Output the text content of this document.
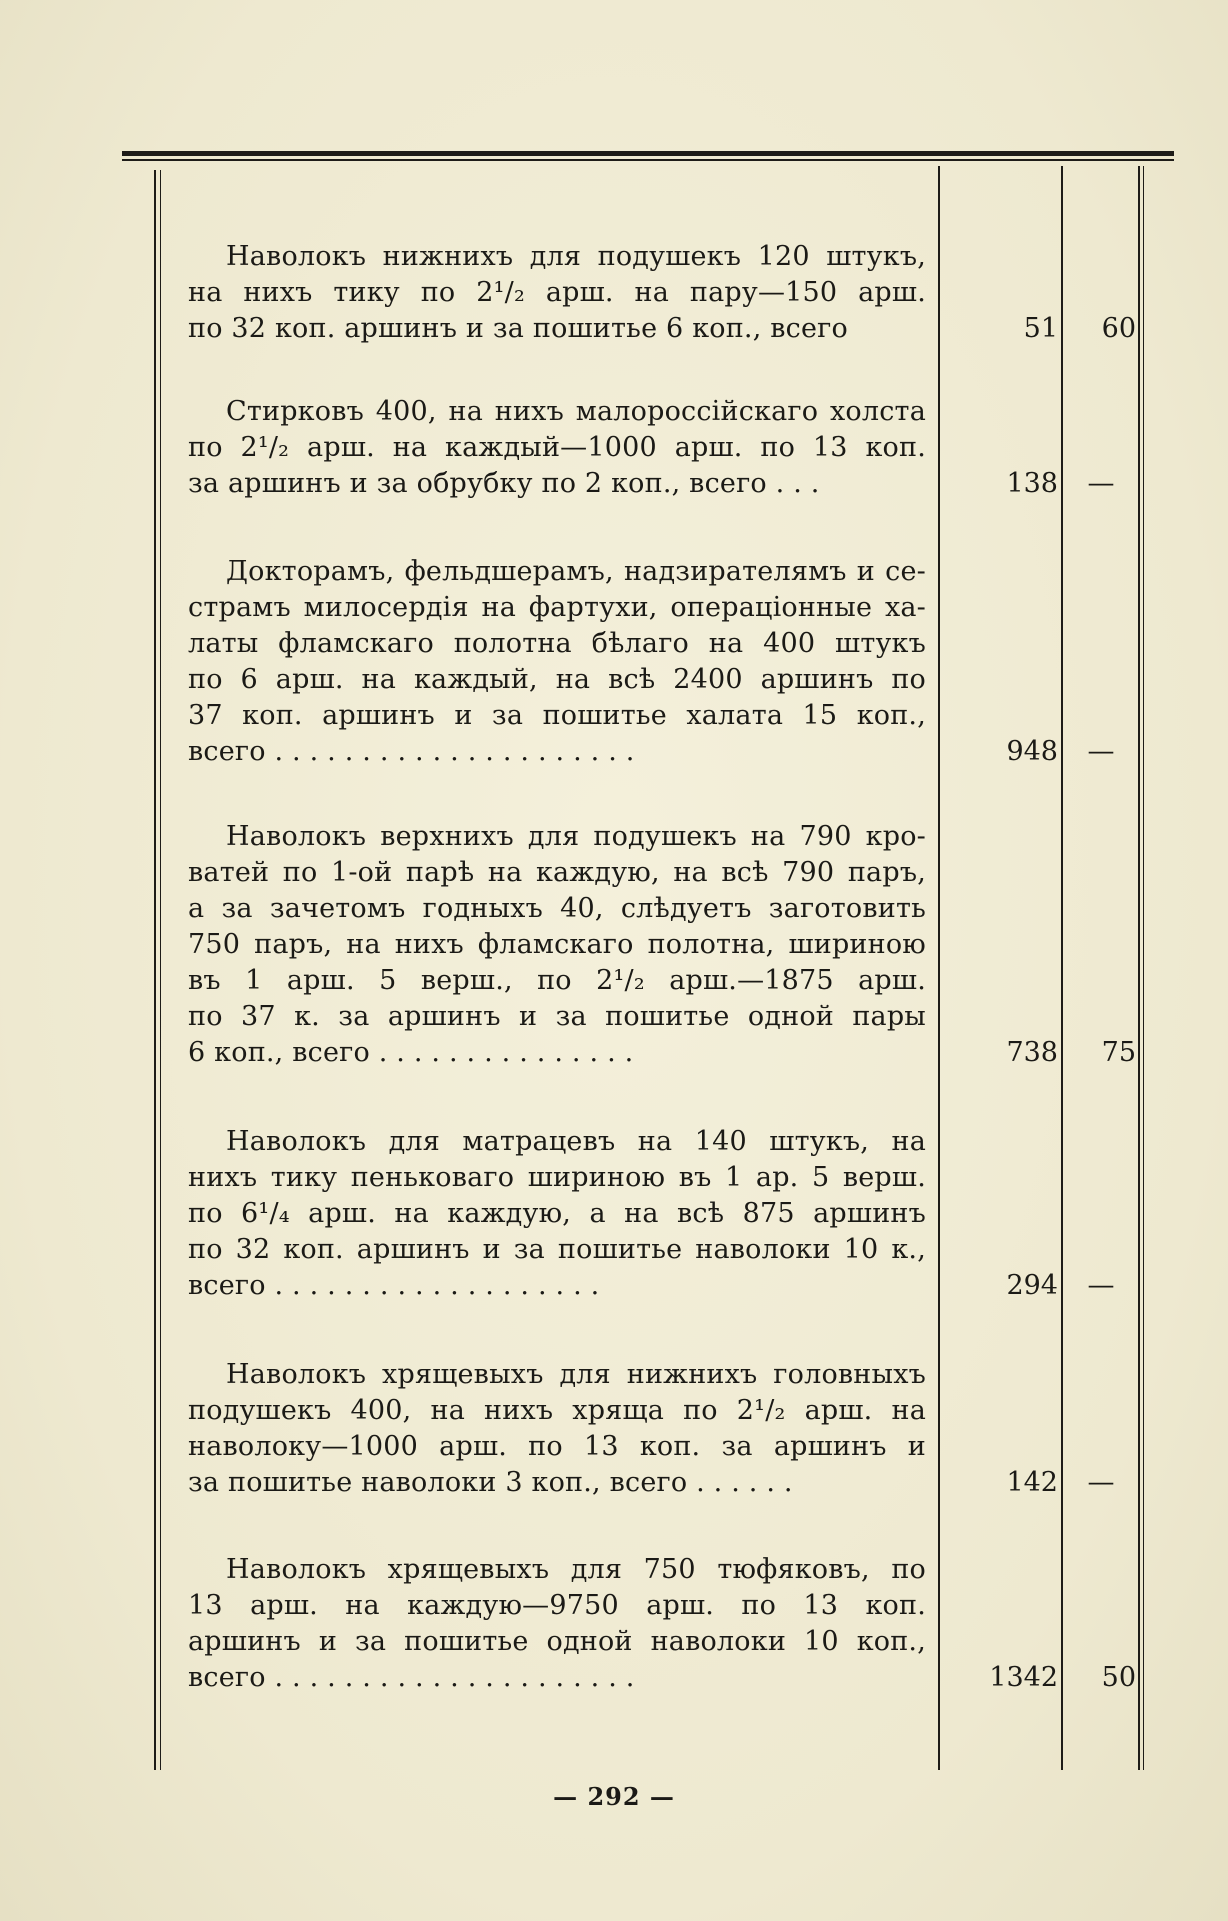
Наволокъ нижнихъ для подушекъ 120 штукъ,
на нихъ тику по 2¹/₂ арш. на пару—150 арш.
по 32 коп. аршинъ и за пошитье 6 коп., всего	51	60
Стирковъ 400, на нихъ малороссійскаго холста
по 2¹/₂ арш. на каждый—1000 арш. по 13 коп.
за аршинъ и за обрубку по 2 коп., всего . . .	138	—
Докторамъ, фельдшерамъ, надзирателямъ и се-
страмъ милосердія на фартухи, операціонные ха-
латы фламскаго полотна бѣлаго на 400 штукъ
по 6 арш. на каждый, на всѣ 2400 аршинъ по
37 коп. аршинъ и за пошитье халата 15 коп.,
всего . . . . . . . . . . . . . . . . . . . . .	948	—
Наволокъ верхнихъ для подушекъ на 790 кро-
ватей по 1-ой парѣ на каждую, на всѣ 790 паръ,
а за зачетомъ годныхъ 40, слѣдуетъ заготовить
750 паръ, на нихъ фламскаго полотна, шириною
въ 1 арш. 5 верш., по 2¹/₂ арш.—1875 арш.
по 37 к. за аршинъ и за пошитье одной пары
6 коп., всего . . . . . . . . . . . . . . .	738	75
Наволокъ для матрацевъ на 140 штукъ, на
нихъ тику пеньковаго шириною въ 1 ар. 5 верш.
по 6¹/₄ арш. на каждую, а на всѣ 875 аршинъ
по 32 коп. аршинъ и за пошитье наволоки 10 к.,
всего . . . . . . . . . . . . . . . . . . .	294	—
Наволокъ хрящевыхъ для нижнихъ головныхъ
подушекъ 400, на нихъ хряща по 2¹/₂ арш. на
наволоку—1000 арш. по 13 коп. за аршинъ и
за пошитье наволоки 3 коп., всего . . . . . .	142	—
Наволокъ хрящевыхъ для 750 тюфяковъ, по
13 арш. на каждую—9750 арш. по 13 коп.
аршинъ и за пошитье одной наволоки 10 коп.,
всего . . . . . . . . . . . . . . . . . . . . .	1342	50
— 292 —
